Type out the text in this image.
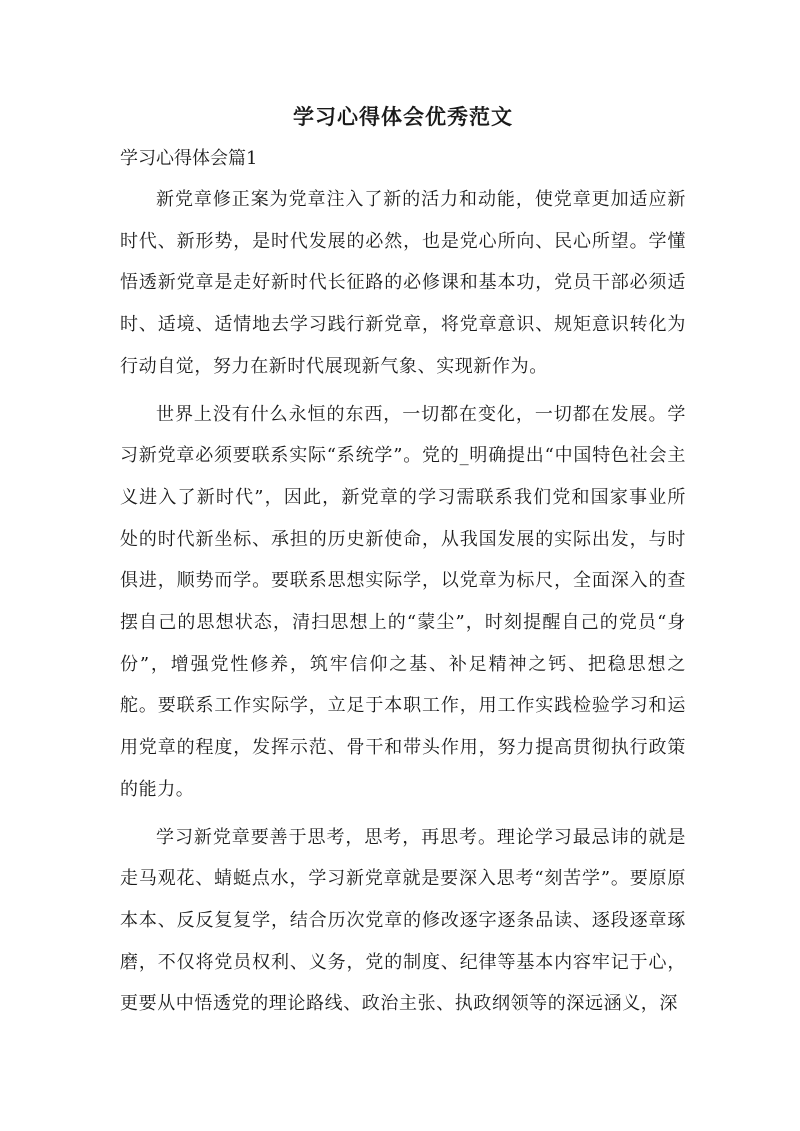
学习心得体会优秀范文

学习心得体会篇1

新党章修正案为党章注入了新的活力和动能，使党章更加适应新时代、新形势，是时代发展的必然，也是党心所向、民心所望。学懂悟透新党章是走好新时代长征路的必修课和基本功，党员干部必须适时、适境、适情地去学习践行新党章，将党章意识、规矩意识转化为行动自觉，努力在新时代展现新气象、实现新作为。

世界上没有什么永恒的东西，一切都在变化，一切都在发展。学习新党章必须要联系实际“系统学”。党的_明确提出“中国特色社会主义进入了新时代”，因此，新党章的学习需联系我们党和国家事业所处的时代新坐标、承担的历史新使命，从我国发展的实际出发，与时俱进，顺势而学。要联系思想实际学，以党章为标尺，全面深入的查摆自己的思想状态，清扫思想上的“蒙尘”，时刻提醒自己的党员“身份”，增强党性修养，筑牢信仰之基、补足精神之钙、把稳思想之舵。要联系工作实际学，立足于本职工作，用工作实践检验学习和运用党章的程度，发挥示范、骨干和带头作用，努力提高贯彻执行政策的能力。

学习新党章要善于思考，思考，再思考。理论学习最忌讳的就是走马观花、蜻蜓点水，学习新党章就是要深入思考“刻苦学”。要原原本本、反反复复学，结合历次党章的修改逐字逐条品读、逐段逐章琢磨，不仅将党员权利、义务，党的制度、纪律等基本内容牢记于心，更要从中悟透党的理论路线、政治主张、执政纲领等的深远涵义，深
